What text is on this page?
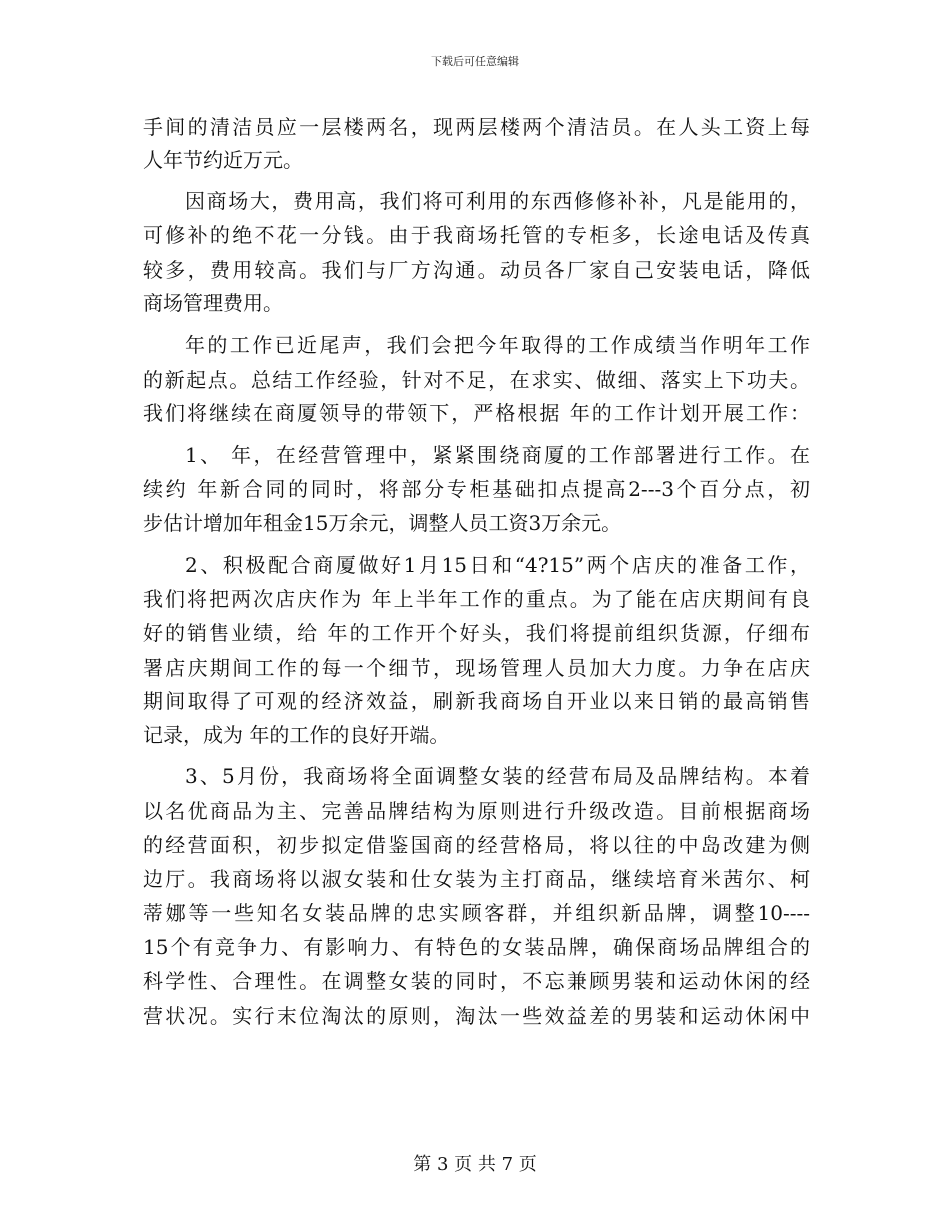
下载后可任意编辑
手间的清洁员应一层楼两名，现两层楼两个清洁员。在人头工资上每
人年节约近万元。
因商场大，费用高，我们将可利用的东西修修补补，凡是能用的，
可修补的绝不花一分钱。由于我商场托管的专柜多，长途电话及传真
较多，费用较高。我们与厂方沟通。动员各厂家自己安装电话，降低
商场管理费用。
年的工作已近尾声，我们会把今年取得的工作成绩当作明年工作
的新起点。总结工作经验，针对不足，在求实、做细、落实上下功夫。
我们将继续在商厦领导的带领下，严格根据 年的工作计划开展工作：
1、 年，在经营管理中，紧紧围绕商厦的工作部署进行工作。在
续约 年新合同的同时，将部分专柜基础扣点提高2---3个百分点，初
步估计增加年租金15万余元，调整人员工资3万余元。
2、积极配合商厦做好1月15日和“4?15”两个店庆的准备工作，
我们将把两次店庆作为 年上半年工作的重点。为了能在店庆期间有良
好的销售业绩，给 年的工作开个好头，我们将提前组织货源，仔细布
署店庆期间工作的每一个细节，现场管理人员加大力度。力争在店庆
期间取得了可观的经济效益，刷新我商场自开业以来日销的最高销售
记录，成为 年的工作的良好开端。
3、5月份，我商场将全面调整女装的经营布局及品牌结构。本着
以名优商品为主、完善品牌结构为原则进行升级改造。目前根据商场
的经营面积，初步拟定借鉴国商的经营格局，将以往的中岛改建为侧
边厅。我商场将以淑女装和仕女装为主打商品，继续培育米茜尔、柯
蒂娜等一些知名女装品牌的忠实顾客群，并组织新品牌，调整10----
15个有竞争力、有影响力、有特色的女装品牌，确保商场品牌组合的
科学性、合理性。在调整女装的同时，不忘兼顾男装和运动休闲的经
营状况。实行末位淘汰的原则，淘汰一些效益差的男装和运动休闲中
第 3 页 共 7 页
